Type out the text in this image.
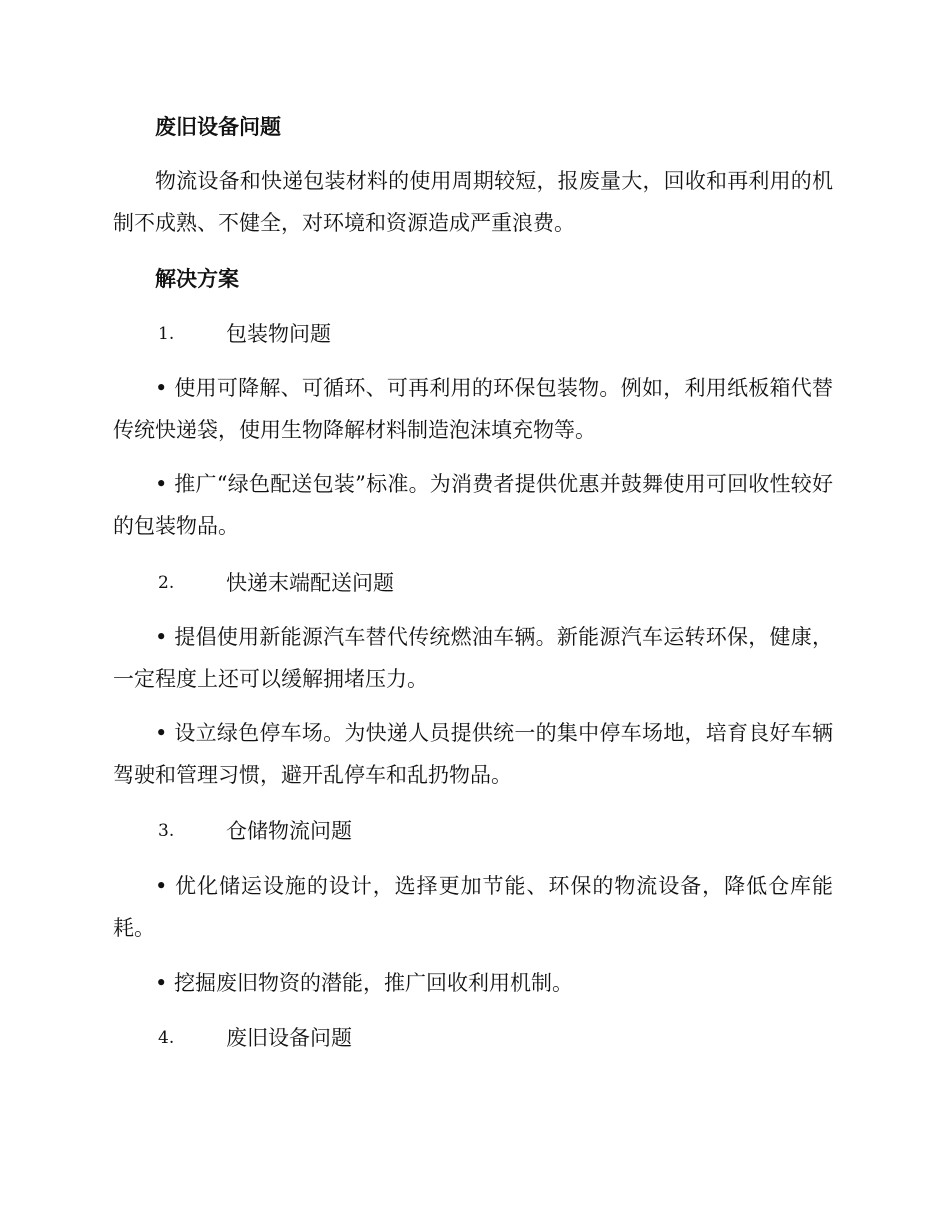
废旧设备问题

物流设备和快递包装材料的使用周期较短，报废量大，回收和再利用的机制不成熟、不健全，对环境和资源造成严重浪费。

解决方案
1.	包装物问题

• 使用可降解、可循环、可再利用的环保包装物。例如，利用纸板箱代替传统快递袋，使用生物降解材料制造泡沫填充物等。

• 推广“绿色配送包装”标准。为消费者提供优惠并鼓舞使用可回收性较好的包装物品。

2.	快递末端配送问题

• 提倡使用新能源汽车替代传统燃油车辆。新能源汽车运转环保，健康，一定程度上还可以缓解拥堵压力。

• 设立绿色停车场。为快递人员提供统一的集中停车场地，培育良好车辆驾驶和管理习惯，避开乱停车和乱扔物品。

3.	仓储物流问题

• 优化储运设施的设计，选择更加节能、环保的物流设备，降低仓库能耗。

• 挖掘废旧物资的潜能，推广回收利用机制。

4.	废旧设备问题
